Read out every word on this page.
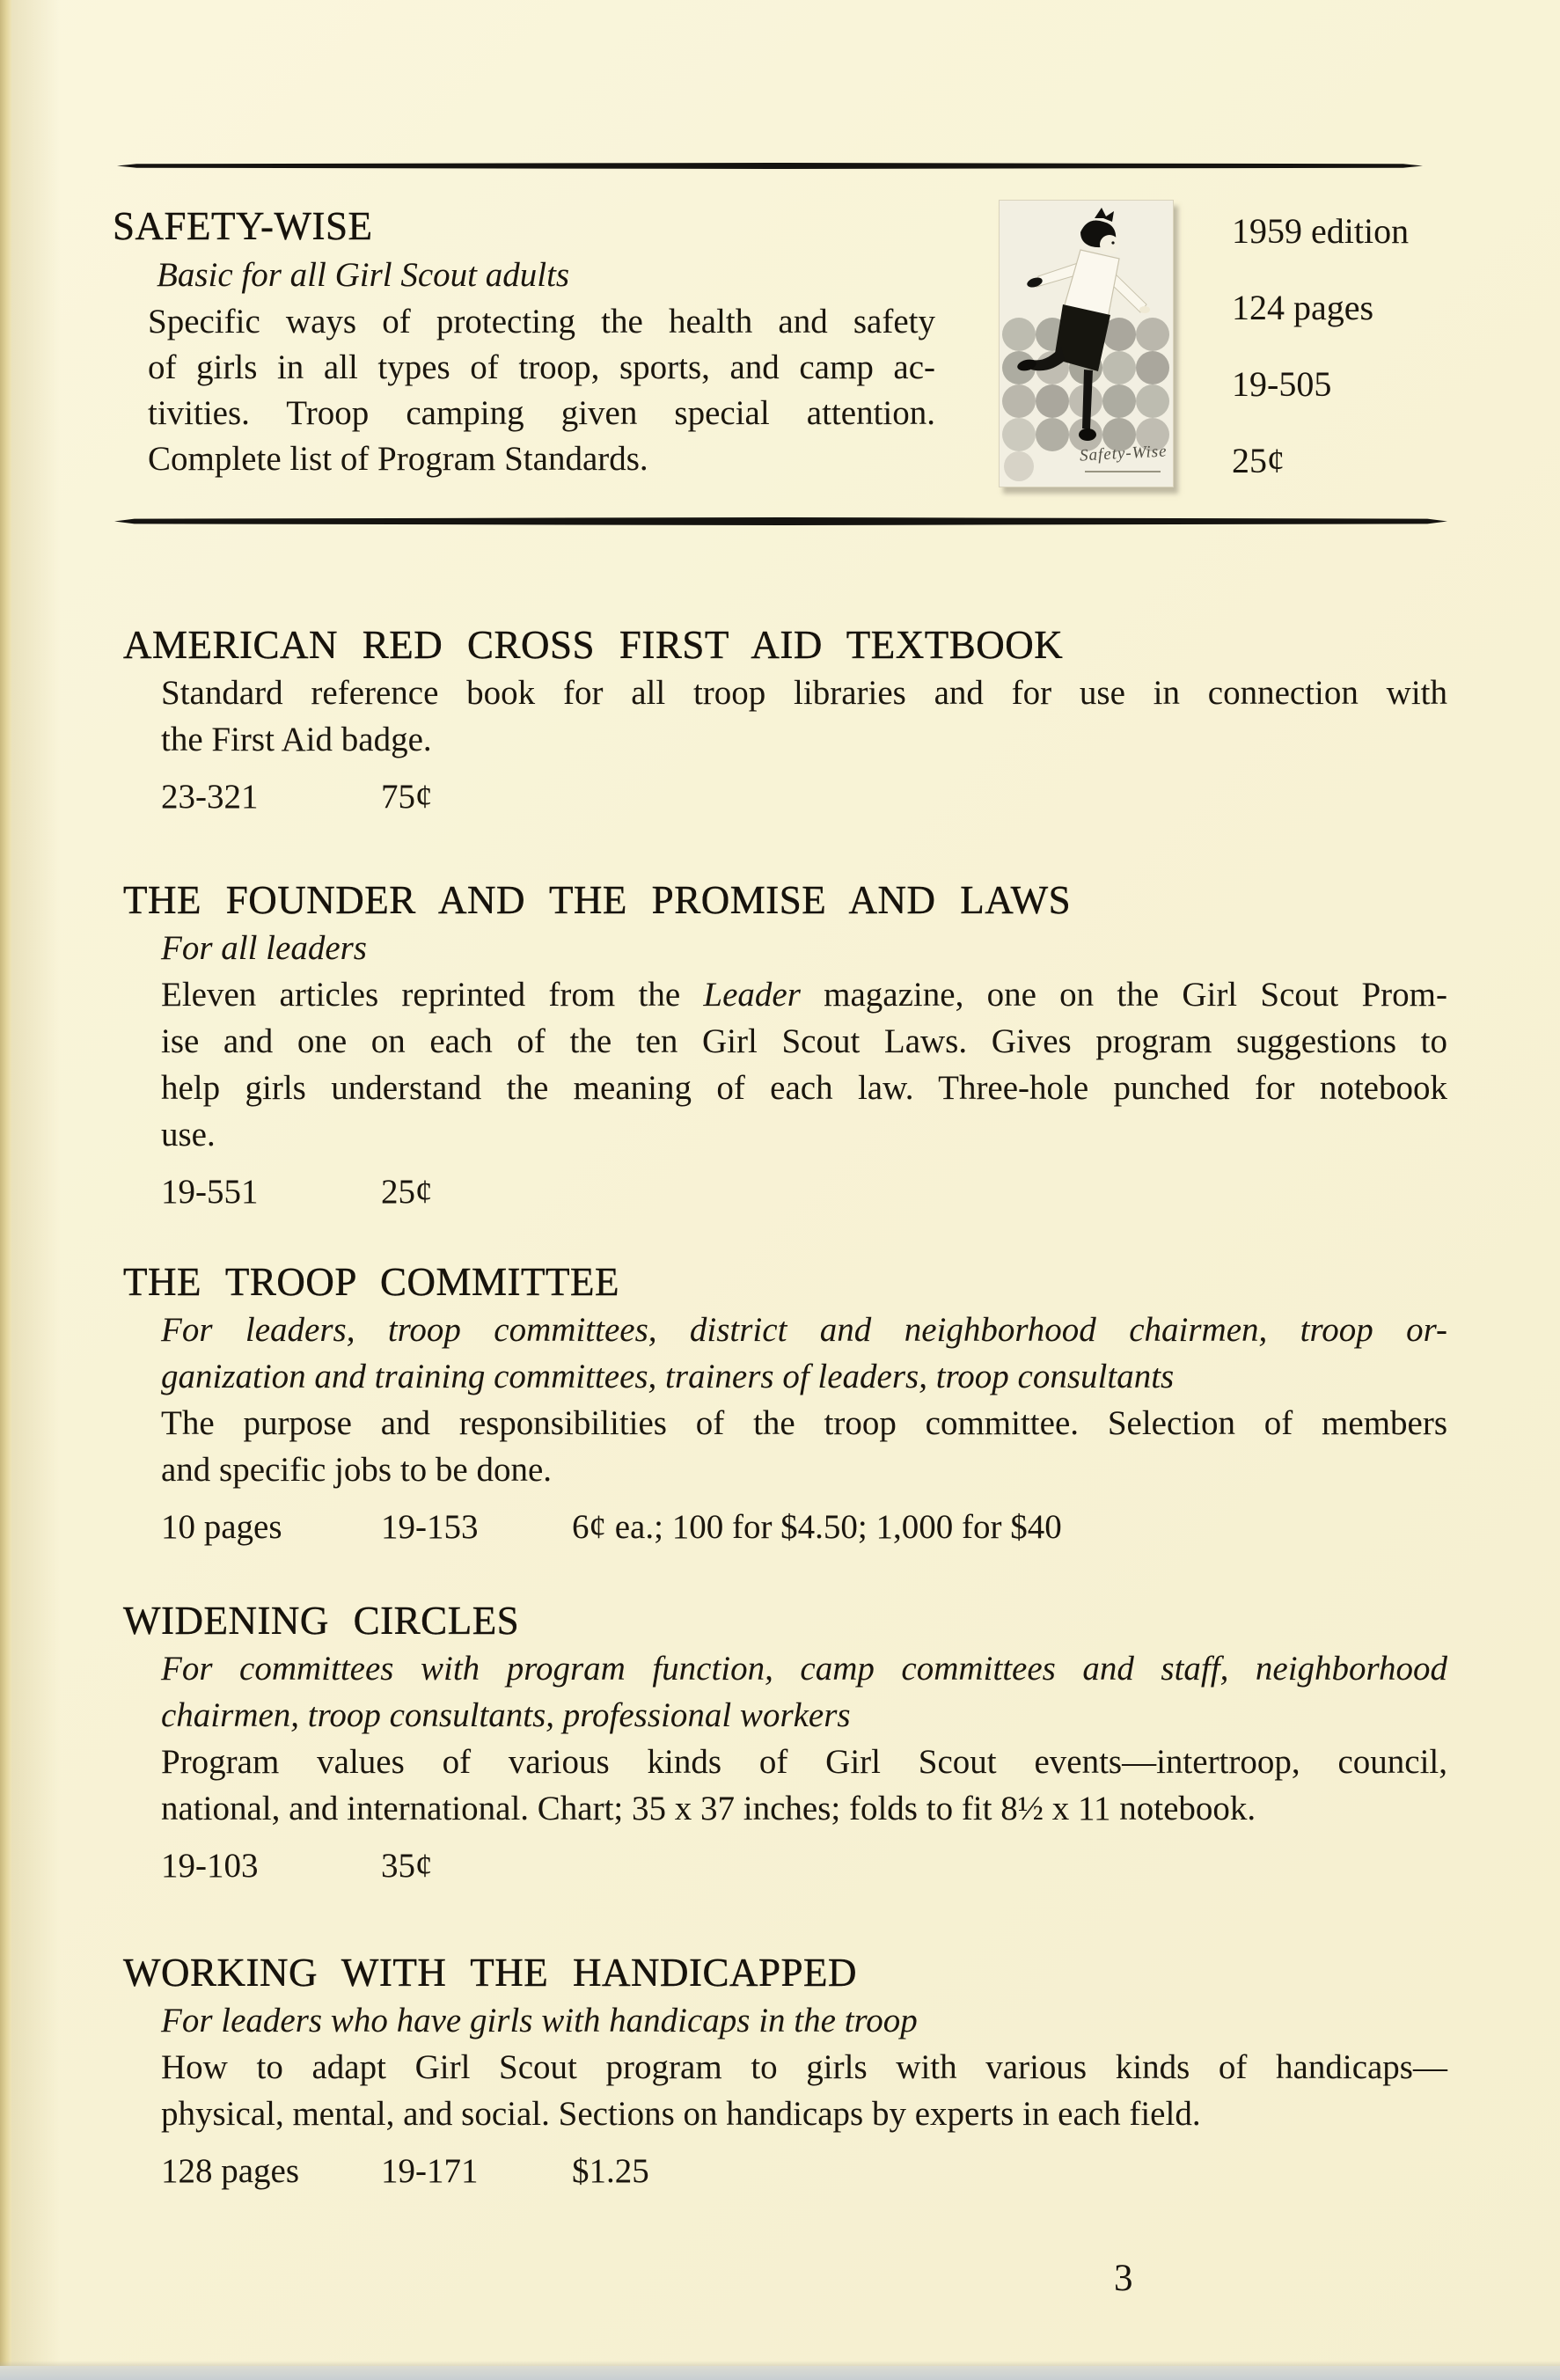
SAFETY-WISE
Basic for all Girl Scout adults
Specific ways of protecting the health and safety
of girls in all types of troop, sports, and camp ac-
tivities. Troop camping given special attention.
Complete list of Program Standards.	Safety-Wise
1959 edition
124 pages
19-505
25¢
AMERICAN RED CROSS FIRST AID TEXTBOOK
Standard reference book for all troop libraries and for use in connection with
the First Aid badge.
23-321	75¢
THE FOUNDER AND THE PROMISE AND LAWS
For all leaders
Eleven articles reprinted from the Leader magazine, one on the Girl Scout Prom-
ise and one on each of the ten Girl Scout Laws. Gives program suggestions to
help girls understand the meaning of each law. Three-hole punched for notebook
use.
19-551	25¢
THE TROOP COMMITTEE
For leaders, troop committees, district and neighborhood chairmen, troop or-
ganization and training committees, trainers of leaders, troop consultants
The purpose and responsibilities of the troop committee. Selection of members
and specific jobs to be done.
10 pages	19-153	6¢ ea.; 100 for $4.50; 1,000 for $40
WIDENING CIRCLES
For committees with program function, camp committees and staff, neighborhood
chairmen, troop consultants, professional workers
Program values of various kinds of Girl Scout events—intertroop, council,
national, and international. Chart; 35 x 37 inches; folds to fit 8½ x 11 notebook.
19-103	35¢
WORKING WITH THE HANDICAPPED
For leaders who have girls with handicaps in the troop
How to adapt Girl Scout program to girls with various kinds of handicaps—
physical, mental, and social. Sections on handicaps by experts in each field.
128 pages 19-171	$1.25
3
